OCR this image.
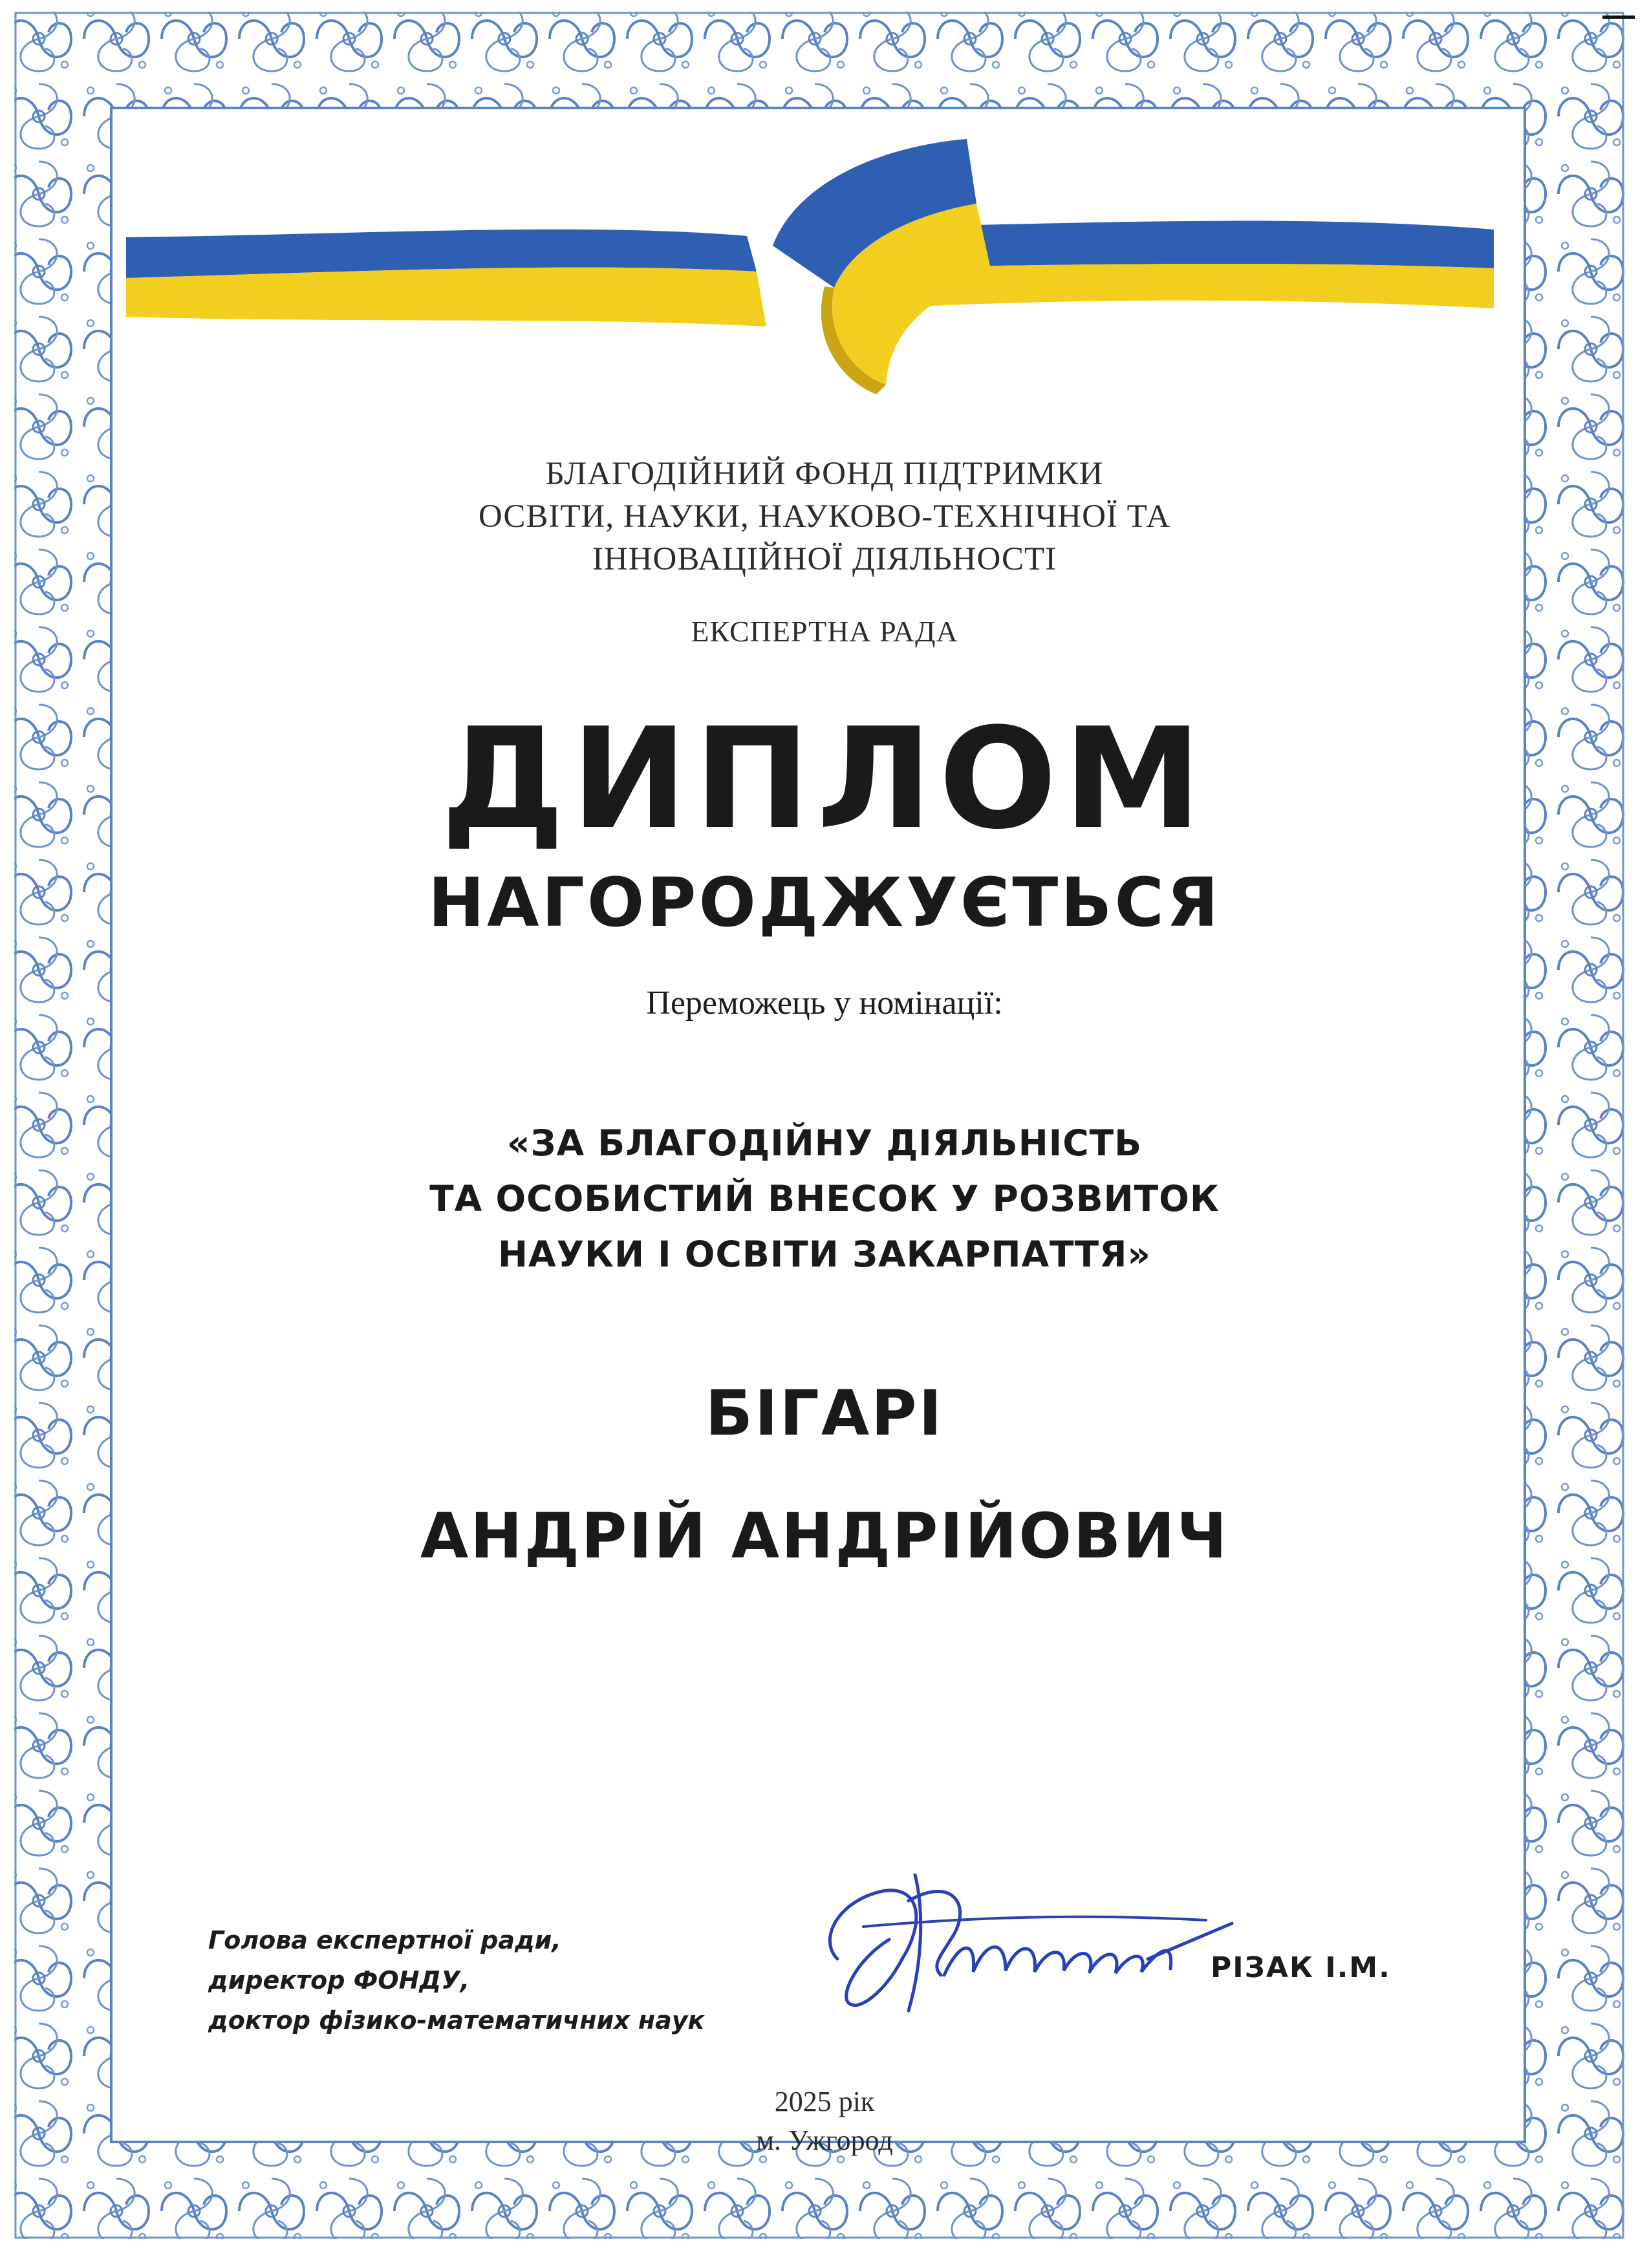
БЛАГОДІЙНИЙ ФОНД ПІДТРИМКИ
ОСВІТИ, НАУКИ, НАУКОВО-ТЕХНІЧНОЇ ТА
ІННОВАЦІЙНОЇ ДІЯЛЬНОСТІ
ЕКСПЕРТНА РАДА
ДИПЛОМ
НАГОРОДЖУЄТЬСЯ
Переможець у номінації:
«ЗА БЛАГОДІЙНУ ДІЯЛЬНІСТЬ
ТА ОСОБИСТИЙ ВНЕСОК У РОЗВИТОК
НАУКИ І ОСВІТИ ЗАКАРПАТТЯ»
БІГАРІ
АНДРІЙ АНДРІЙОВИЧ
Голова експертної ради,
директор ФОНДУ,
доктор фізико-математичних наук
РІЗАК І.М.
2025 рік
м. Ужгород
